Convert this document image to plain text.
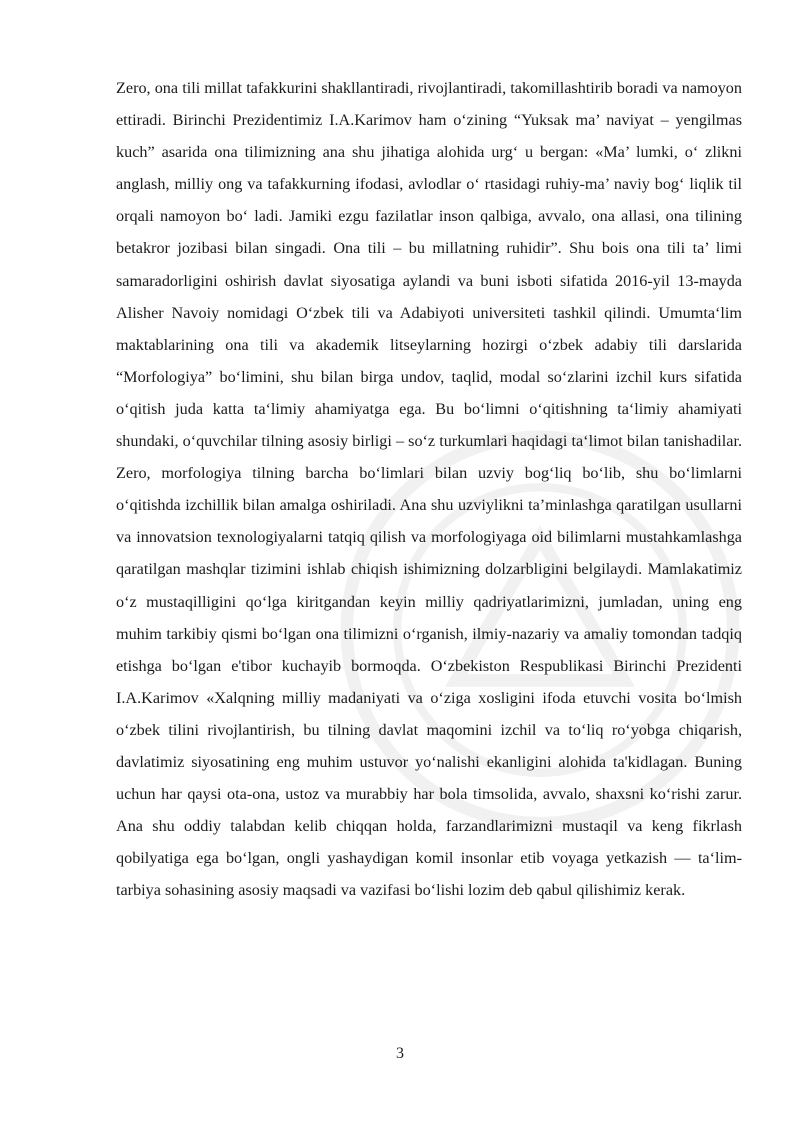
Zero, ona tili millat tafakkurini shakllantiradi, rivojlantiradi, takomillashtirib boradi va namoyon ettiradi. Birinchi Prezidentimiz I.A.Karimov ham o‘zining “Yuksak ma’ naviyat – yengilmas kuch” asarida ona tilimizning ana shu jihatiga alohida urg‘ u bergan: «Ma’ lumki, o‘ zlikni anglash, milliy ong va tafakkurning ifodasi, avlodlar o‘ rtasidagi ruhiy-ma’ naviy bog‘ liqlik til orqali namoyon bo‘ ladi. Jamiki ezgu fazilatlar inson qalbiga, avvalo, ona allasi, ona tilining betakror jozibasi bilan singadi. Ona tili – bu millatning ruhidir”. Shu bois ona tili ta’ limi samaradorligini oshirish davlat siyosatiga aylandi va buni isboti sifatida 2016-yil 13-mayda Alisher Navoiy nomidagi O‘zbek tili va Adabiyoti universiteti tashkil qilindi. Umumta‘lim maktablarining ona tili va akademik litseylarning hozirgi o‘zbek adabiy tili darslarida “Morfologiya” bo‘limini, shu bilan birga undov, taqlid, modal so‘zlarini izchil kurs sifatida o‘qitish juda katta ta‘limiy ahamiyatga ega. Bu bo‘limni o‘qitishning ta‘limiy ahamiyati shundaki, o‘quvchilar tilning asosiy birligi – so‘z turkumlari haqidagi ta‘limot bilan tanishadilar. Zero, morfologiya tilning barcha bo‘limlari bilan uzviy bog‘liq bo‘lib, shu bo‘limlarni o‘qitishda izchillik bilan amalga oshiriladi. Ana shu uzviylikni ta’minlashga qaratilgan usullarni va innovatsion texnologiyalarni tatqiq qilish va morfologiyaga oid bilimlarni mustahkamlashga qaratilgan mashqlar tizimini ishlab chiqish ishimizning dolzarbligini belgilaydi. Mamlakatimiz o‘z mustaqilligini qo‘lga kiritgandan keyin milliy qadriyatlarimizni, jumladan, uning eng muhim tarkibiy qismi bo‘lgan ona tilimizni o‘rganish, ilmiy-nazariy va amaliy tomondan tadqiq etishga bo‘lgan e'tibor kuchayib bormoqda. O‘zbekiston Respublikasi Birinchi Prezidenti I.A.Karimov «Xalqning milliy madaniyati va o‘ziga xosligini ifoda etuvchi vosita bo‘lmish o‘zbek tilini rivojlantirish, bu tilning davlat maqomini izchil va to‘liq ro‘yobga chiqarish, davlatimiz siyosatining eng muhim ustuvor yo‘nalishi ekanligini alohida ta'kidlagan. Buning uchun har qaysi ota-ona, ustoz va murabbiy har bola timsolida, avvalo, shaxsni ko‘rishi zarur. Ana shu oddiy talabdan kelib chiqqan holda, farzandlarimizni mustaqil va keng fikrlash qobilyatiga ega bo‘lgan, ongli yashaydigan komil insonlar etib voyaga yetkazish — ta‘lim-tarbiya sohasining asosiy maqsadi va vazifasi bo‘lishi lozim deb qabul qilishimiz kerak.

3
